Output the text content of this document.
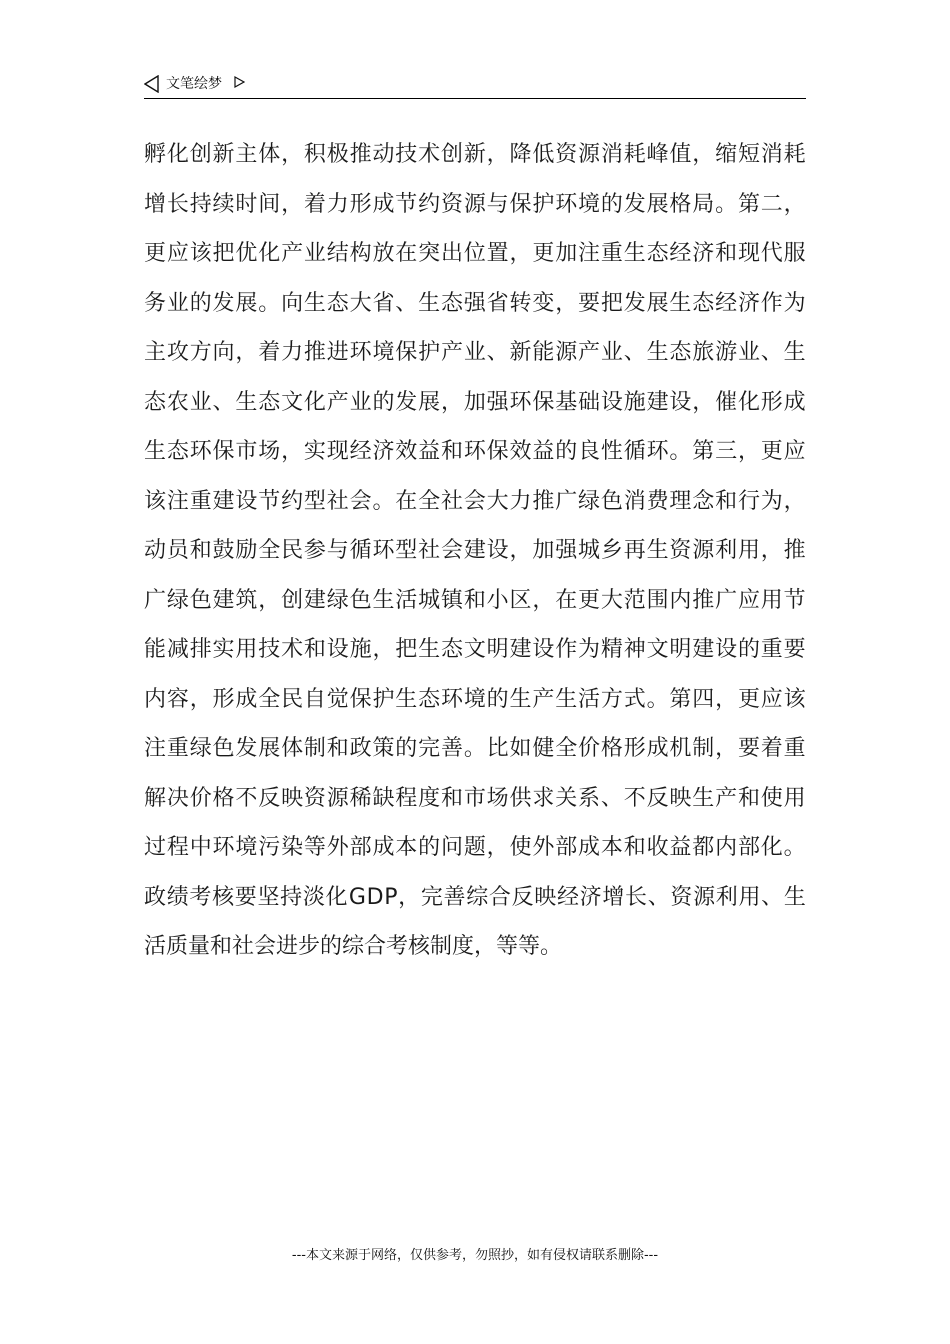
文笔绘梦
孵 化 创 新 主 体 ， 积 极 推 动 技 术 创 新 ， 降 低 资 源 消 耗 峰 值 ， 缩 短 消 耗
增 长 持 续 时 间 ， 着 力 形 成 节 约 资 源 与 保 护 环 境 的 发 展 格 局 。 第 二 ，
更 应 该 把 优 化 产 业 结 构 放 在 突 出 位 置 ， 更 加 注 重 生 态 经 济 和 现 代 服
务 业 的 发 展 。 向 生 态 大 省 、 生 态 强 省 转 变 ， 要 把 发 展 生 态 经 济 作 为
主 攻 方 向 ， 着 力 推 进 环 境 保 护 产 业 、 新 能 源 产 业 、 生 态 旅 游 业 、 生
态 农 业 、 生 态 文 化 产 业 的 发 展 ， 加 强 环 保 基 础 设 施 建 设 ， 催 化 形 成
生 态 环 保 市 场 ， 实 现 经 济 效 益 和 环 保 效 益 的 良 性 循 环 。 第 三 ， 更 应
该 注 重 建 设 节 约 型 社 会 。 在 全 社 会 大 力 推 广 绿 色 消 费 理 念 和 行 为 ，
动 员 和 鼓 励 全 民 参 与 循 环 型 社 会 建 设 ， 加 强 城 乡 再 生 资 源 利 用 ， 推
广 绿 色 建 筑 ， 创 建 绿 色 生 活 城 镇 和 小 区 ， 在 更 大 范 围 内 推 广 应 用 节
能 减 排 实 用 技 术 和 设 施 ， 把 生 态 文 明 建 设 作 为 精 神 文 明 建 设 的 重 要
内 容 ， 形 成 全 民 自 觉 保 护 生 态 环 境 的 生 产 生 活 方 式 。 第 四 ， 更 应 该
注 重 绿 色 发 展 体 制 和 政 策 的 完 善 。 比 如 健 全 价 格 形 成 机 制 ， 要 着 重
解 决 价 格 不 反 映 资 源 稀 缺 程 度 和 市 场 供 求 关 系 、 不 反 映 生 产 和 使 用
过 程 中 环 境 污 染 等 外 部 成 本 的 问 题 ， 使 外 部 成 本 和 收 益 都 内 部 化 。
政 绩 考 核 要 坚 持 淡 化 G D P ， 完 善 综 合 反 映 经 济 增 长 、 资 源 利 用 、 生
活质量和社会进步的综合考核制度，等等。
---本文来源于网络，仅供参考，勿照抄，如有侵权请联系删除---
